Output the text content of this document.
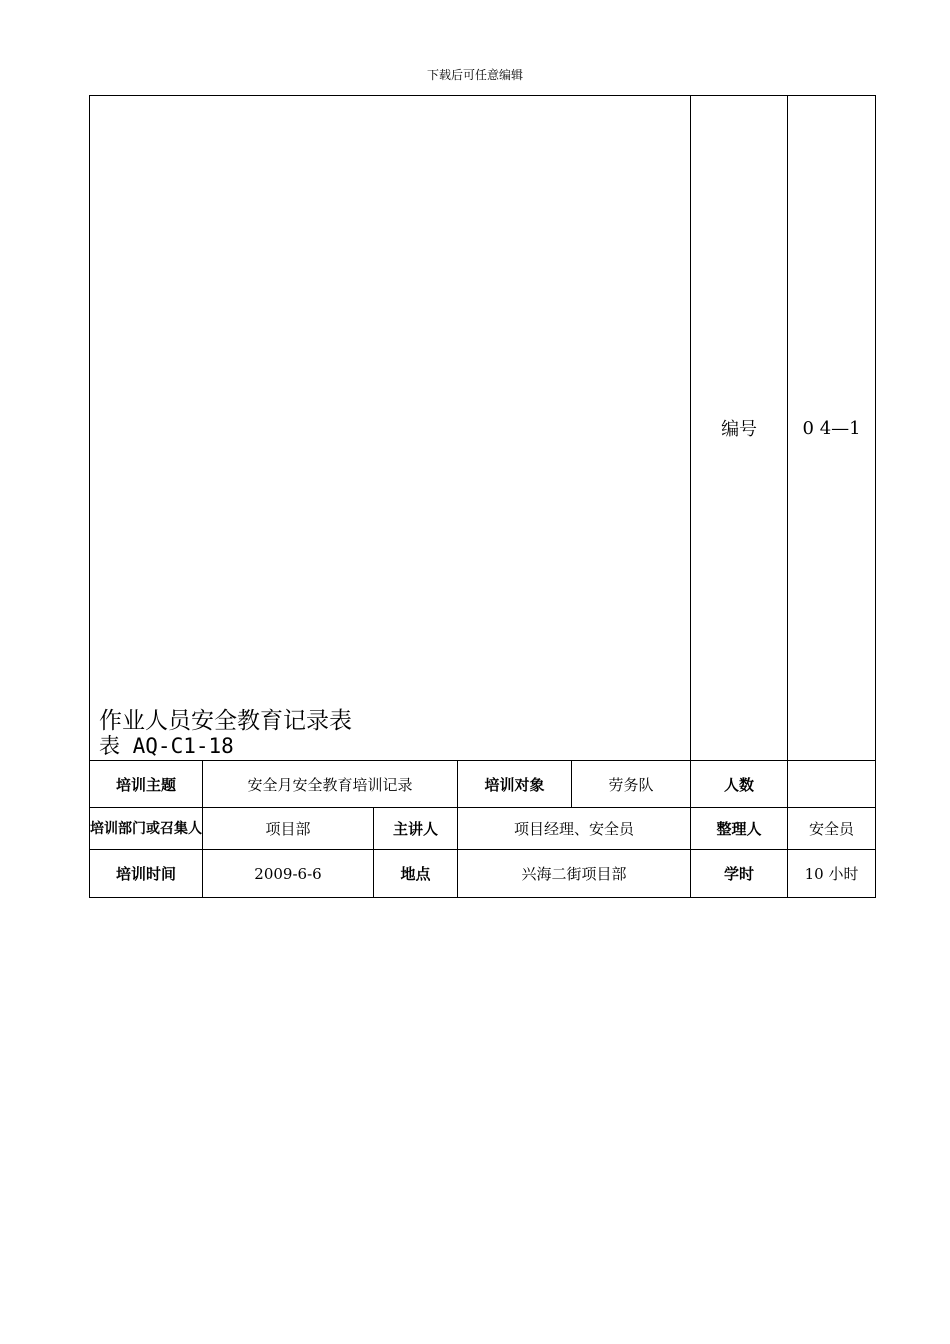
下载后可任意编辑
作业人员安全教育记录表
表 AQ-C1-18					编号	0 4—1
培训主题	安全月安全教育培训记录		培训对象	劳务队	人数	
培训部门或召集人	项目部	主讲人	项目经理、安全员		整理人	安全员
培训时间	2009-6-6	地点	兴海二街项目部		学时	10 小时
